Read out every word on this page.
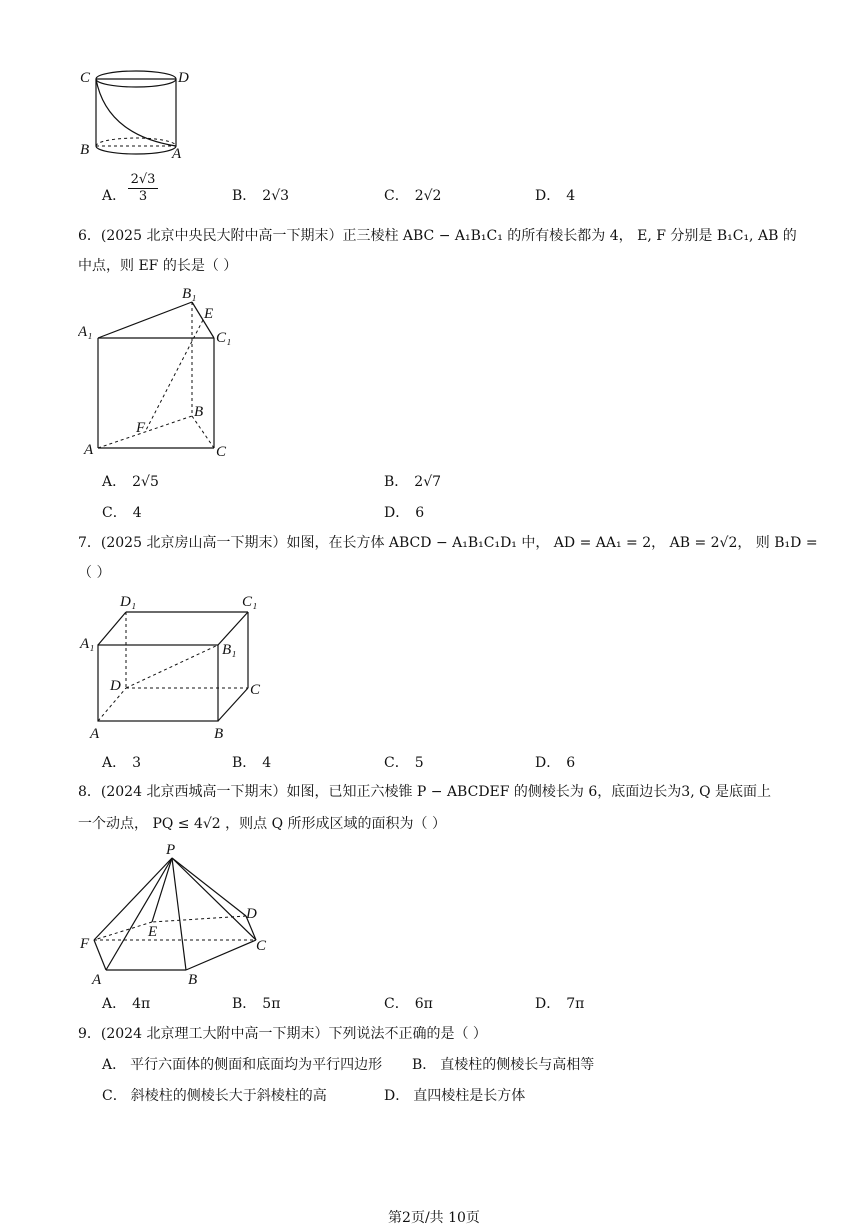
C	D
B	A
A．
2√3
3	B． 2√3	C． 2√2	D． 4
6．(2025 北京中央民大附中高一下期末）正三棱柱 ABC − A₁B₁C₁ 的所有棱长都为 4， E, F 分别是 B₁C₁, AB 的
中点，则 EF 的长是（ ）
B₁
E
A₁	C₁
B
F
A	C
A． 2√5	B． 2√7
C． 4	D． 6
7．(2025 北京房山高一下期末）如图，在长方体 ABCD − A₁B₁C₁D₁ 中， AD = AA₁ = 2， AB = 2√2， 则 B₁D =
（ ）
D₁	C₁
A₁	B₁
D	C
A	B
A． 3	B． 4	C． 5	D． 6
8．(2024 北京西城高一下期末）如图，已知正六棱锥 P − ABCDEF 的侧棱长为 6，底面边长为3, Q 是底面上
一个动点， PQ ≤ 4√2 ，则点 Q 所形成区域的面积为（ ）
P
D
E
F	C
A	B
A． 4π	B． 5π	C． 6π	D． 7π
9．(2024 北京理工大附中高一下期末）下列说法不正确的是（ ）
A． 平行六面体的侧面和底面均为平行四边形 B． 直棱柱的侧棱长与高相等
C． 斜棱柱的侧棱长大于斜棱柱的高	D． 直四棱柱是长方体
第2页/共 10页
